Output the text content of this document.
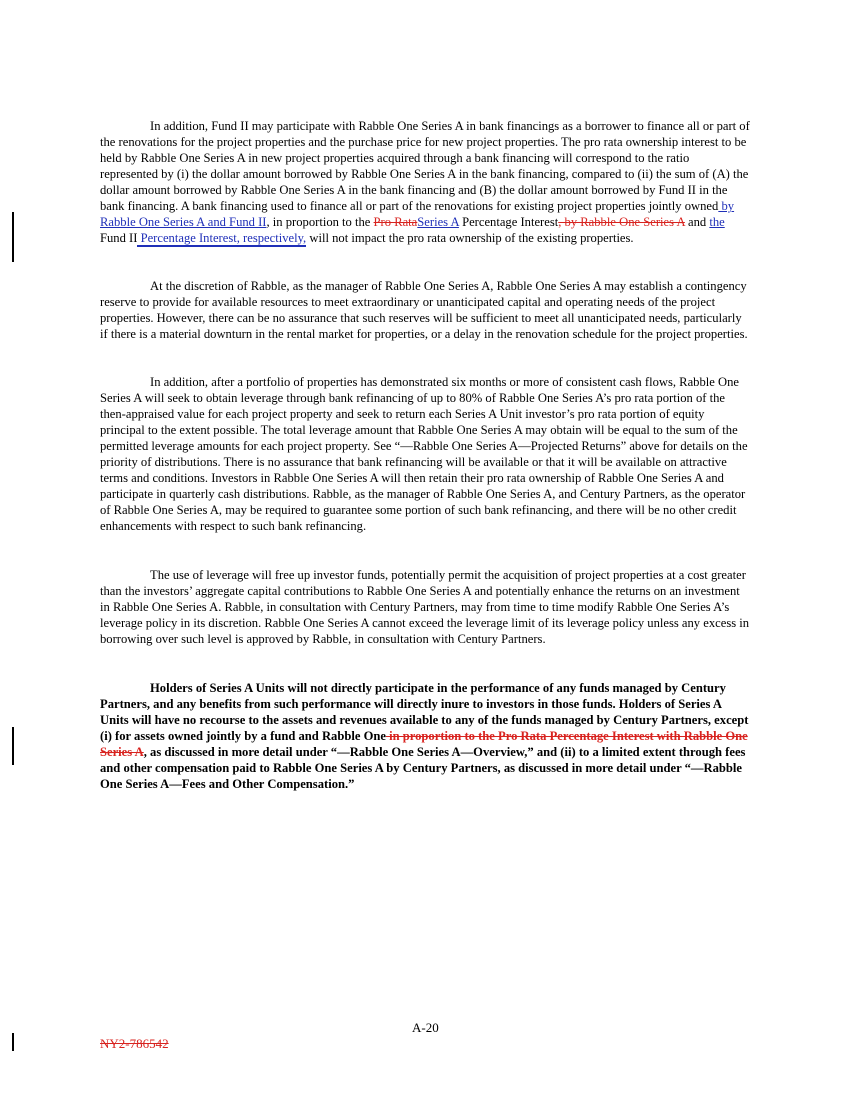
In addition, Fund II may participate with Rabble One Series A in bank financings as a borrower to finance all or part of the renovations for the project properties and the purchase price for new project properties. The pro rata ownership interest to be held by Rabble One Series A in new project properties acquired through a bank financing will correspond to the ratio represented by (i) the dollar amount borrowed by Rabble One Series A in the bank financing, compared to (ii) the sum of (A) the dollar amount borrowed by Rabble One Series A in the bank financing and (B) the dollar amount borrowed by Fund II in the bank financing. A bank financing used to finance all or part of the renovations for existing project properties jointly owned by Rabble One Series A and Fund II, in proportion to the Pro RataSeries A Percentage Interest, by Rabble One Series A and the Fund II Percentage Interest, respectively, will not impact the pro rata ownership of the existing properties.

At the discretion of Rabble, as the manager of Rabble One Series A, Rabble One Series A may establish a contingency reserve to provide for available resources to meet extraordinary or unanticipated capital and operating needs of the project properties. However, there can be no assurance that such reserves will be sufficient to meet all unanticipated needs, particularly if there is a material downturn in the rental market for properties, or a delay in the renovation schedule for the project properties.

In addition, after a portfolio of properties has demonstrated six months or more of consistent cash flows, Rabble One Series A will seek to obtain leverage through bank refinancing of up to 80% of Rabble One Series A’s pro rata portion of the then-appraised value for each project property and seek to return each Series A Unit investor’s pro rata portion of equity principal to the extent possible. The total leverage amount that Rabble One Series A may obtain will be equal to the sum of the permitted leverage amounts for each project property. See “—Rabble One Series A—Projected Returns” above for details on the priority of distributions. There is no assurance that bank refinancing will be available or that it will be available on attractive terms and conditions. Investors in Rabble One Series A will then retain their pro rata ownership of Rabble One Series A and participate in quarterly cash distributions. Rabble, as the manager of Rabble One Series A, and Century Partners, as the operator of Rabble One Series A, may be required to guarantee some portion of such bank refinancing, and there will be no other credit enhancements with respect to such bank refinancing.

The use of leverage will free up investor funds, potentially permit the acquisition of project properties at a cost greater than the investors’ aggregate capital contributions to Rabble One Series A and potentially enhance the returns on an investment in Rabble One Series A. Rabble, in consultation with Century Partners, may from time to time modify Rabble One Series A’s leverage policy in its discretion. Rabble One Series A cannot exceed the leverage limit of its leverage policy unless any excess in borrowing over such level is approved by Rabble, in consultation with Century Partners.

Holders of Series A Units will not directly participate in the performance of any funds managed by Century Partners, and any benefits from such performance will directly inure to investors in those funds. Holders of Series A Units will have no recourse to the assets and revenues available to any of the funds managed by Century Partners, except (i) for assets owned jointly by a fund and Rabble One in proportion to the Pro Rata Percentage Interest with Rabble One Series A, as discussed in more detail under “—Rabble One Series A—Overview,” and (ii) to a limited extent through fees and other compensation paid to Rabble One Series A by Century Partners, as discussed in more detail under “—Rabble One Series A—Fees and Other Compensation.”

A-20
NY2-786542
